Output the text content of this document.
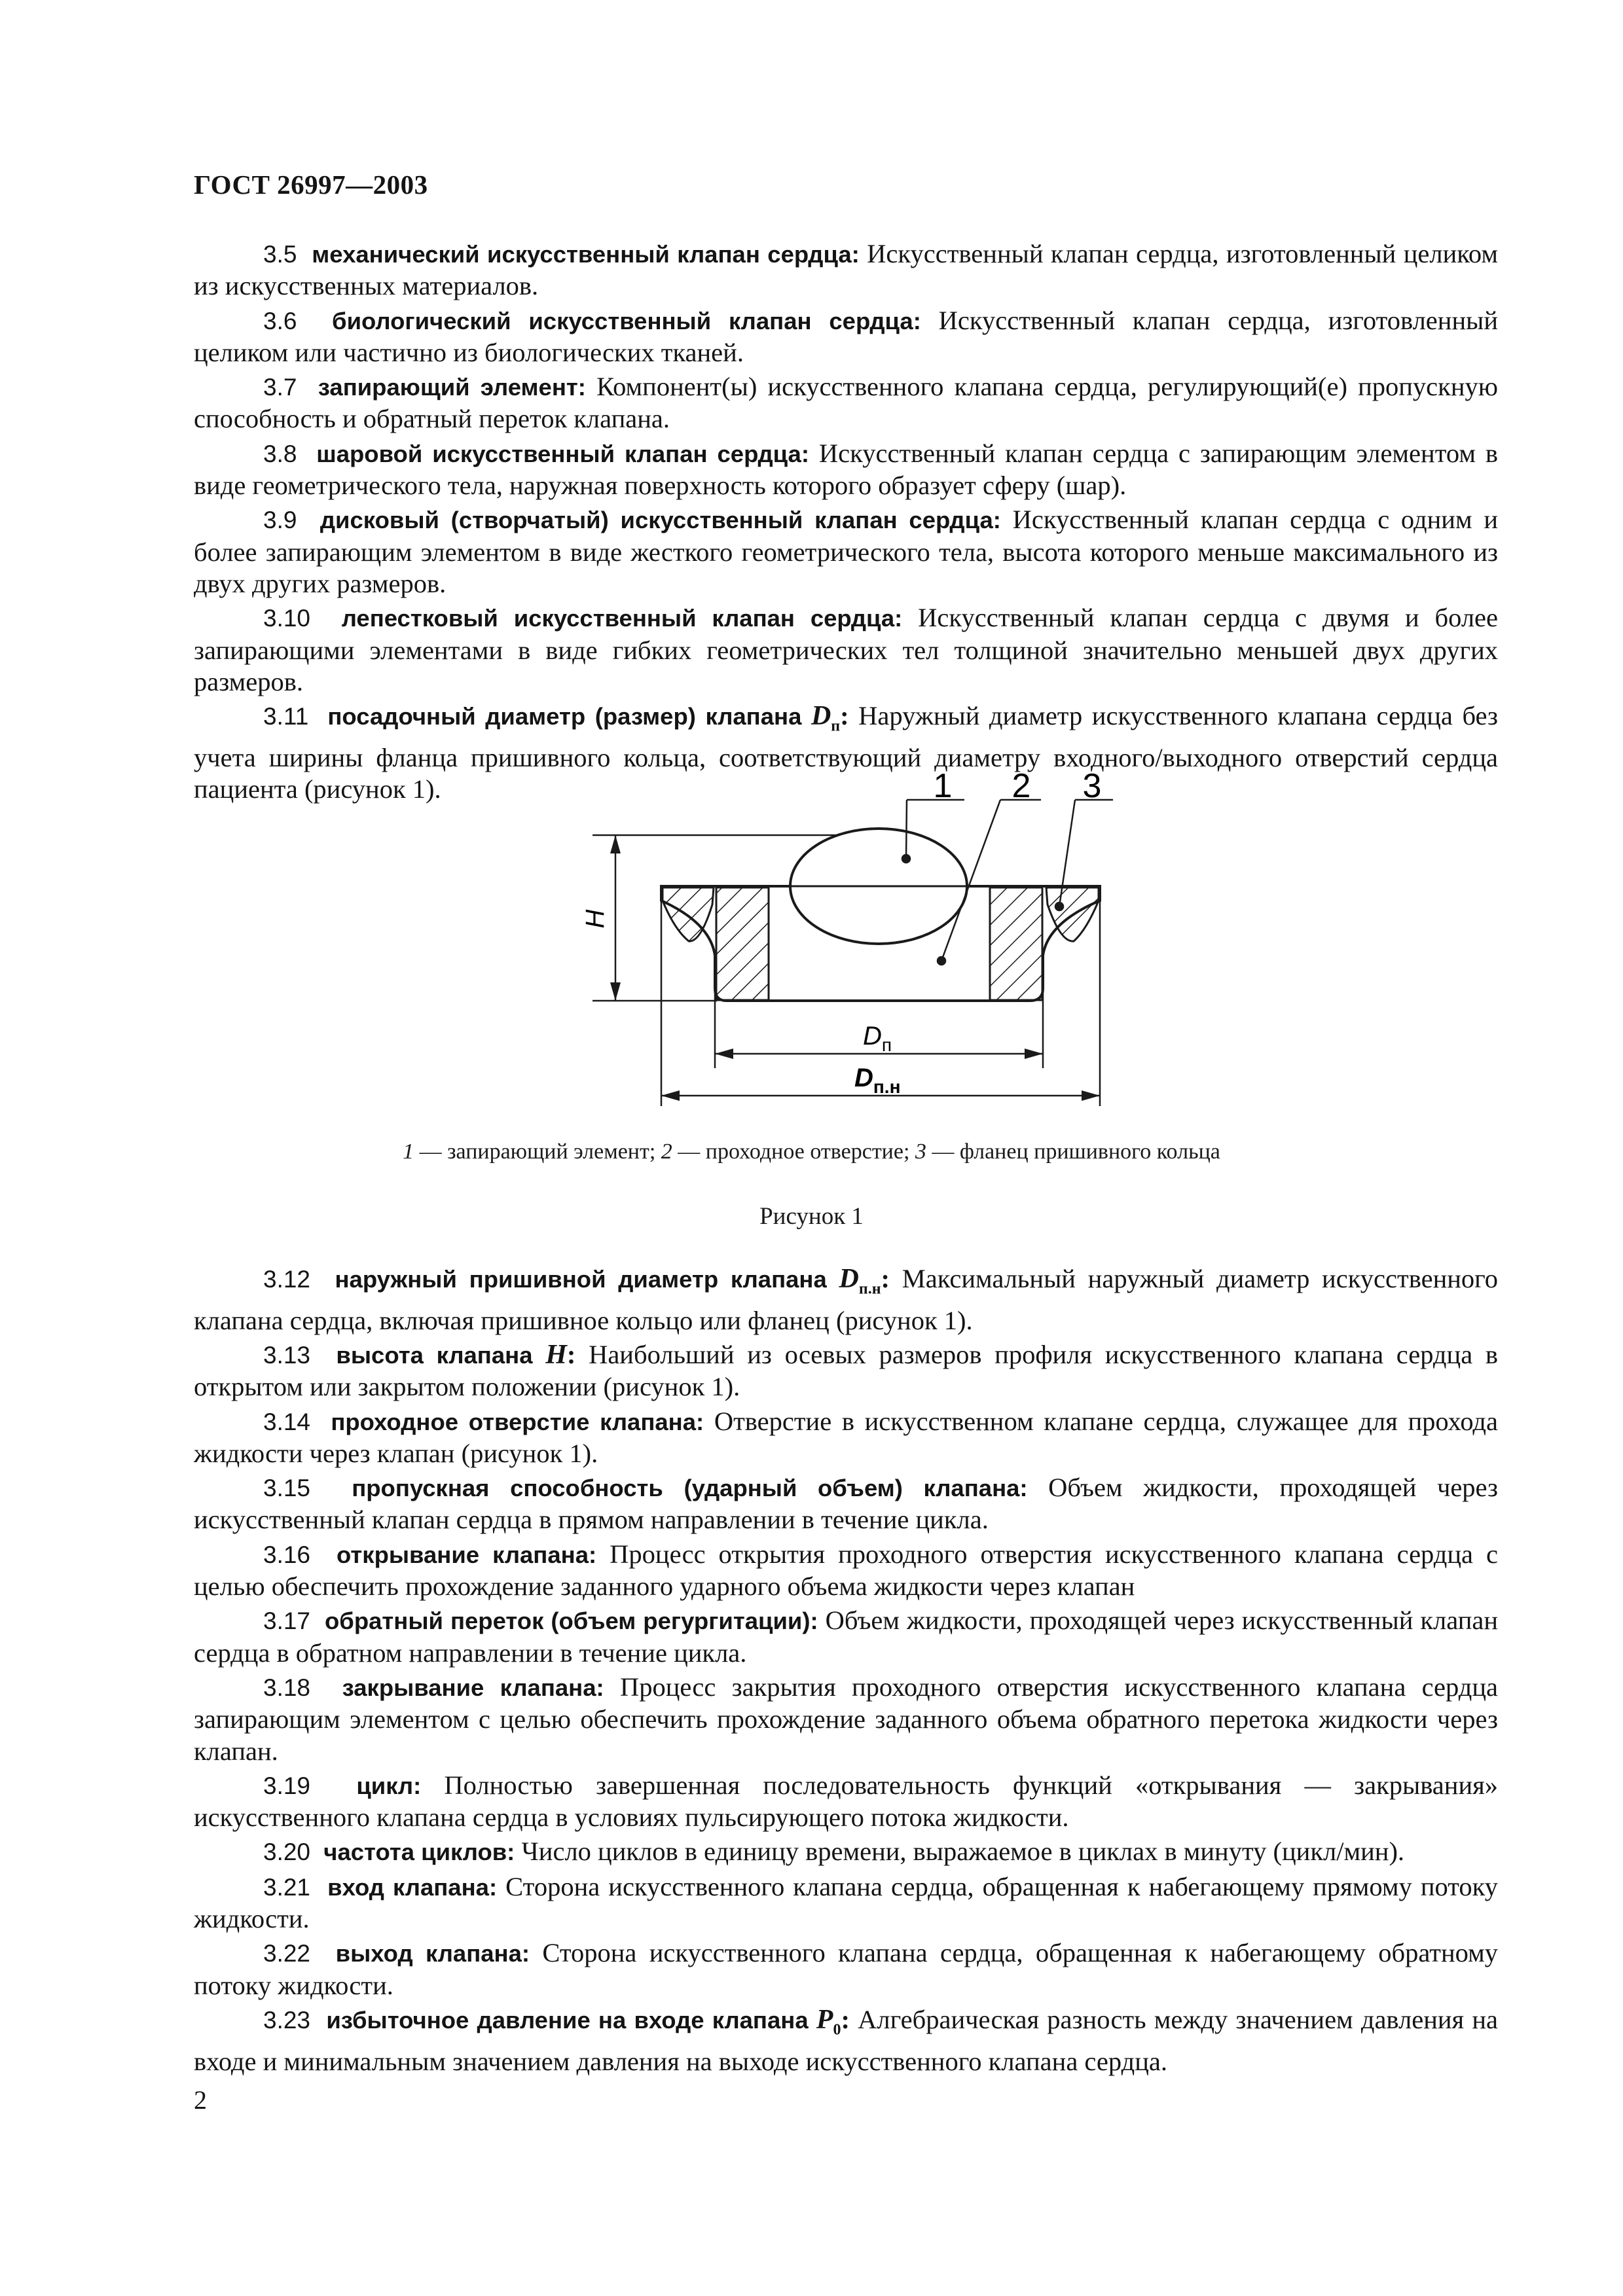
ГОСТ 26997—2003

3.5 механический искусственный клапан сердца: Искусственный клапан сердца, изготовленный целиком из искусственных материалов.

3.6 биологический искусственный клапан сердца: Искусственный клапан сердца, изготовленный целиком или частично из биологических тканей.

3.7 запирающий элемент: Компонент(ы) искусственного клапана сердца, регулирующий(е) пропускную способность и обратный переток клапана.

3.8 шаровой искусственный клапан сердца: Искусственный клапан сердца с запирающим элементом в виде геометрического тела, наружная поверхность которого образует сферу (шар).

3.9 дисковый (створчатый) искусственный клапан сердца: Искусственный клапан сердца с одним и более запирающим элементом в виде жесткого геометрического тела, высота которого меньше максимального из двух других размеров.

3.10 лепестковый искусственный клапан сердца: Искусственный клапан сердца с двумя и более запирающими элементами в виде гибких геометрических тел толщиной значительно меньшей двух других размеров.

3.11 посадочный диаметр (размер) клапана $D_п$: Наружный диаметр искусственного клапана сердца без учета ширины фланца пришивного кольца, соответствующий диаметру входного/выходного отверстий сердца пациента (рисунок 1).

H
1 2 3
$D_п$
$D_{п.н}$
1 — запирающий элемент; 2 — проходное отверстие; 3 — фланец пришивного кольца
Рисунок 1

3.12 наружный пришивной диаметр клапана $D_{п.н}$: Максимальный наружный диаметр искусственного клапана сердца, включая пришивное кольцо или фланец (рисунок 1).

3.13 высота клапана H: Наибольший из осевых размеров профиля искусственного клапана сердца в открытом или закрытом положении (рисунок 1).

3.14 проходное отверстие клапана: Отверстие в искусственном клапане сердца, служащее для прохода жидкости через клапан (рисунок 1).

3.15 пропускная способность (ударный объем) клапана: Объем жидкости, проходящей через искусственный клапан сердца в прямом направлении в течение цикла.

3.16 открывание клапана: Процесс открытия проходного отверстия искусственного клапана сердца с целью обеспечить прохождение заданного ударного объема жидкости через клапан

3.17 обратный переток (объем регургитации): Объем жидкости, проходящей через искусственный клапан сердца в обратном направлении в течение цикла.

3.18 закрывание клапана: Процесс закрытия проходного отверстия искусственного клапана сердца запирающим элементом с целью обеспечить прохождение заданного объема обратного перетока жидкости через клапан.

3.19 цикл: Полностью завершенная последовательность функций «открывания — закрывания» искусственного клапана сердца в условиях пульсирующего потока жидкости.

3.20 частота циклов: Число циклов в единицу времени, выражаемое в циклах в минуту (цикл/мин).

3.21 вход клапана: Сторона искусственного клапана сердца, обращенная к набегающему прямому потоку жидкости.

3.22 выход клапана: Сторона искусственного клапана сердца, обращенная к набегающему обратному потоку жидкости.

3.23 избыточное давление на входе клапана $P_0$: Алгебраическая разность между значением давления на входе и минимальным значением давления на выходе искусственного клапана сердца.

2
